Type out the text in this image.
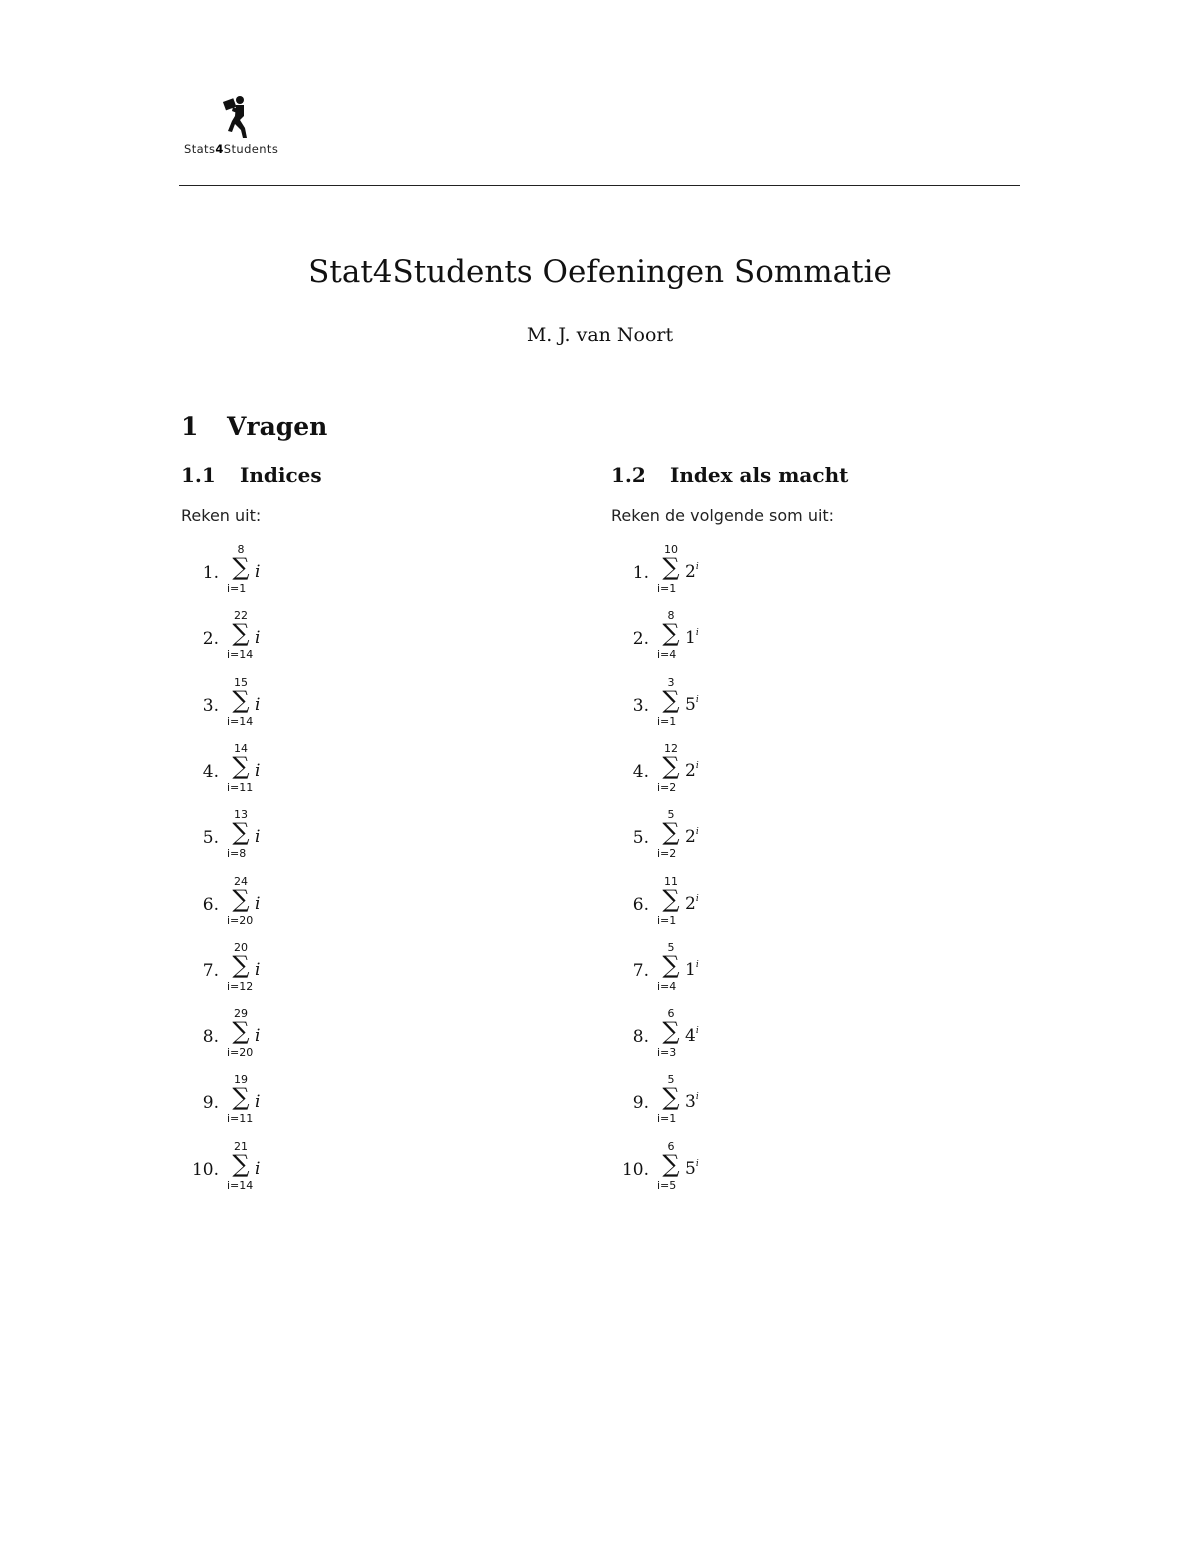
Stats4Students
Stat4Students Oefeningen Sommatie

M. J. van Noort

1 Vragen
1.1 Indices

Reken uit:

1.
8
∑
i=1
i
2.
22
∑
i=14
i
3.
15
∑
i=14
i
4.
14
∑
i=11
i
5.
13
∑
i=8
i
6.
24
∑
i=20
i
7.
20
∑
i=12
i
8.
29
∑
i=20
i
9.
19
∑
i=11
i
10.
21
∑
i=14
i
1.2 Index als macht

Reken de volgende som uit:

1.
10
∑
i=1
2$^i$
2.
8
∑
i=4
1$^i$
3.
3
∑
i=1
5$^i$
4.
12
∑
i=2
2$^i$
5.
5
∑
i=2
2$^i$
6.
11
∑
i=1
2$^i$
7.
5
∑
i=4
1$^i$
8.
6
∑
i=3
4$^i$
9.
5
∑
i=1
3$^i$
10.
6
∑
i=5
5$^i$
